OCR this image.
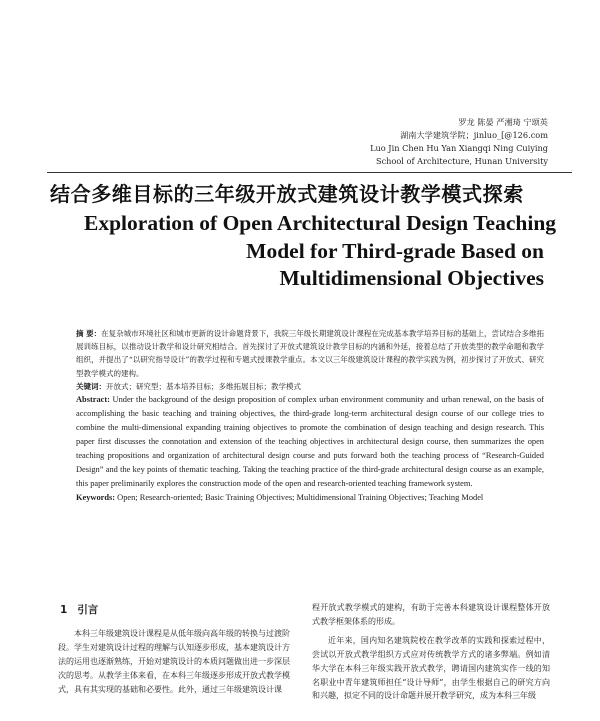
罗龙 陈晏 严湘琦 宁颂英
湖南大学建筑学院；jinluo_[@126.com
Luo Jin Chen Hu Yan Xiangqi Ning Cuiying
School of Architecture, Hunan University
结合多维目标的三年级开放式建筑设计教学模式探索
Exploration of Open Architectural Design Teaching
Model for Third-grade Based on
Multidimensional Objectives

摘 要：在复杂城市环境社区和城市更新的设计命题背景下，我院三年级长期建筑设计课程在完成基本教学培养目标的基础上，尝试结合多维拓展训练目标，以推动设计教学和设计研究相结合。首先探讨了开放式建筑设计教学目标的内涵和外延，接着总结了开放类型的教学命题和教学组织，并提出了“以研究指导设计”的教学过程和专题式授课教学重点。本文以三年级建筑设计课程的教学实践为例，初步探讨了开放式、研究型教学模式的建构。

关键词：开放式；研究型；基本培养目标；多维拓展目标；教学模式

Abstract: Under the background of the design proposition of complex urban environment community and urban renewal, on the basis of accomplishing the basic teaching and training objectives, the third-grade long-term architectural design course of our college tries to combine the multi-dimensional expanding training objectives to promote the combination of design teaching and design research. This paper first discusses the connotation and extension of the teaching objectives in architectural design course, then summarizes the open teaching propositions and organization of architectural design course and puts forward both the teaching process of “Research-Guided Design” and the key points of thematic teaching. Taking the teaching practice of the third-grade architectural design course as an example, this paper preliminarily explores the construction mode of the open and research-oriented teaching framework system.

Keywords: Open; Research-oriented; Basic Training Objectives; Multidimensional Training Objectives; Teaching Model

1 引言

本科三年级建筑设计课程是从低年级向高年级的转换与过渡阶段。学生对建筑设计过程的理解与认知逐步形成，基本建筑设计方法的运用也逐渐熟练，开始对建筑设计的本质问题做出进一步深层次的思考。从教学主体来看，在本科三年级逐步形成开放式教学模式，具有其实现的基础和必要性。此外，通过三年级建筑设计课

程开放式教学模式的建构，有助于完善本科建筑设计课程整体开放式教学框架体系的形成。

近年来，国内知名建筑院校在教学改革的实践和探索过程中，尝试以开放式教学组织方式应对传统教学方式的诸多弊端。例如清华大学在本科三年级实践开放式教学，聘请国内建筑实作一线的知名职业中青年建筑师担任“设计导师”，由学生根据自己的研究方向和兴趣，拟定不同的设计命题并展开教学研究，成为本科三年级
